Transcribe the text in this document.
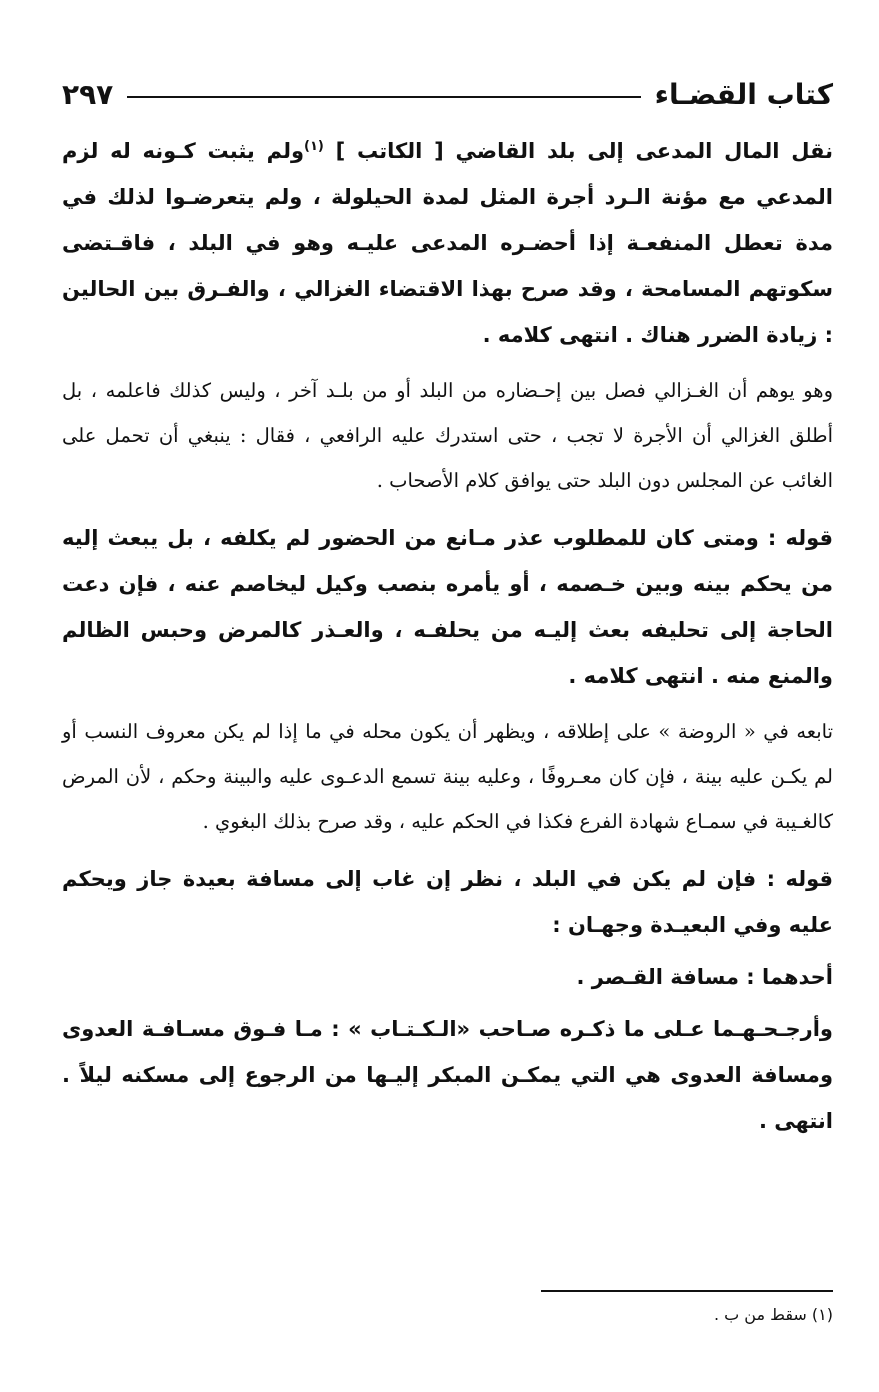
كتاب القضـاء
٢٩٧

نقل المال المدعى إلى بلد القاضي [ الكاتب ] $^{(١)}$ولم يثبت كـونه له لزم المدعي مع مؤنة الـرد أجرة المثل لمدة الحيلولة ، ولم يتعرضـوا لذلك في مدة تعطل المنفعـة إذا أحضـره المدعى عليـه وهو في البلد ، فاقـتضى سكوتهم المسامحة ، وقد صرح بهذا الاقتضاء الغزالي ، والفـرق بين الحالين : زيادة الضرر هناك . انتهى كلامه .

وهو يوهم أن الغـزالي فصل بين إحـضاره من البلد أو من بلـد آخر ، وليس كذلك فاعلمه ، بل أطلق الغزالي أن الأجرة لا تجب ، حتى استدرك عليه الرافعي ، فقال : ينبغي أن تحمل على الغائب عن المجلس دون البلد حتى يوافق كلام الأصحاب .

قوله : ومتى كان للمطلوب عذر مـانع من الحضور لم يكلفه ، بل يبعث إليه من يحكم بينه وبين خـصمه ، أو يأمره بنصب وكيل ليخاصم عنه ، فإن دعت الحاجة إلى تحليفه بعث إليـه من يحلفـه ، والعـذر كالمرض وحبس الظالم والمنع منه . انتهى كلامه .

تابعه في « الروضة » على إطلاقه ، ويظهر أن يكون محله في ما إذا لم يكن معروف النسب أو لم يكـن عليه بينة ، فإن كان معـروفًا ، وعليه بينة تسمع الدعـوى عليه والبينة وحكم ، لأن المرض كالغـيبة في سمـاع شهادة الفرع فكذا في الحكم عليه ، وقد صرح بذلك البغوي .

قوله : فإن لم يكن في البلد ، نظر إن غاب إلى مسافة بعيدة جاز ويحكم عليه وفي البعيـدة وجهـان :

أحدهما : مسافة القـصر .

وأرجـحـهـما عـلى ما ذكـره صـاحب «الـكـتـاب » : مـا فـوق مسـافـة العدوى ومسافة العدوى هي التي يمكـن المبكر إليـها من الرجوع إلى مسكنه ليلاً . انتهى .

(١) سقط من ب .
